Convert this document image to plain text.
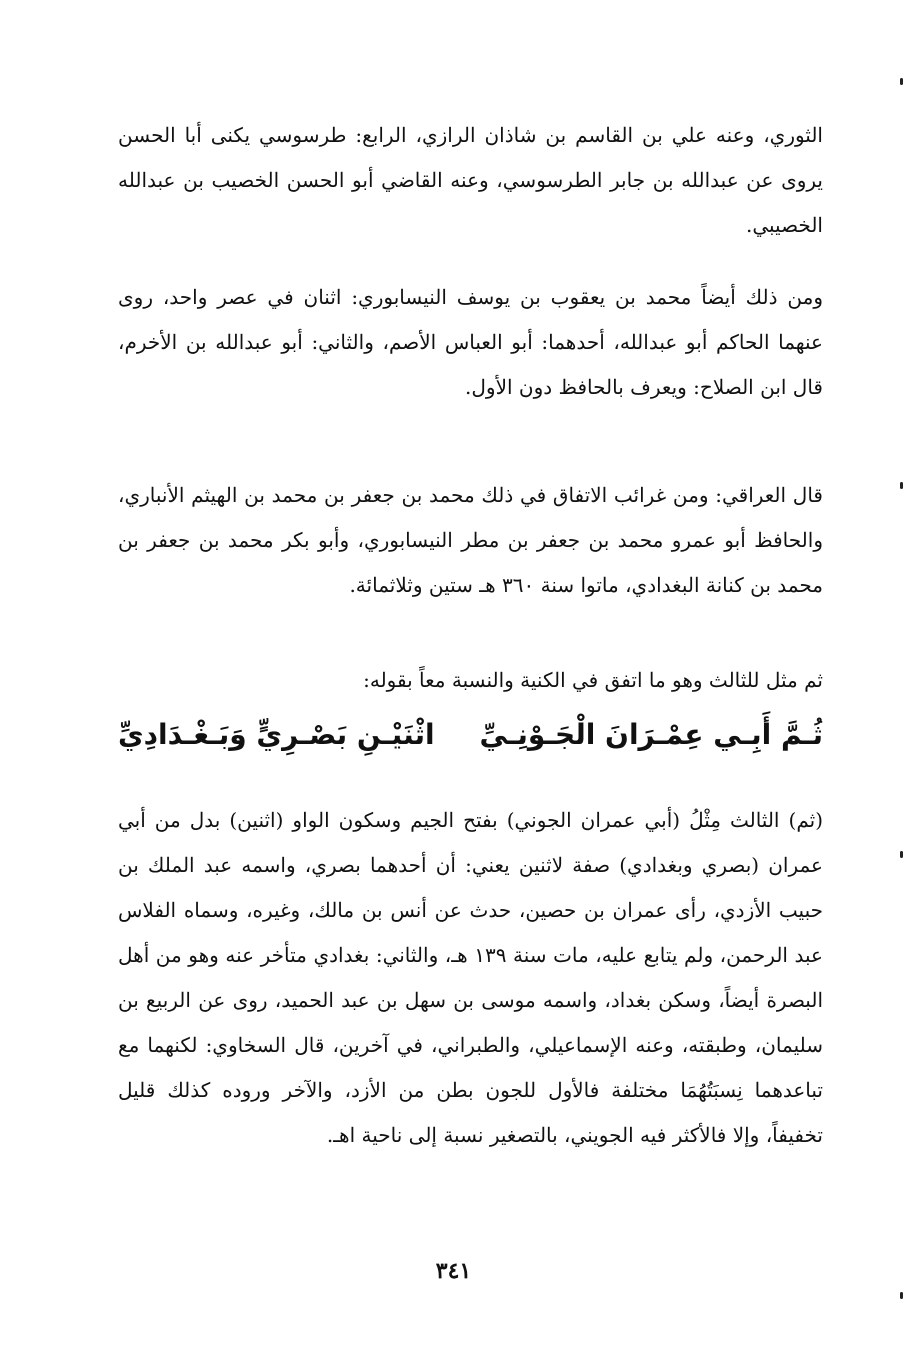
الثوري، وعنه علي بن القاسم بن شاذان الرازي، الرابع: طرسوسي يكنى أبا الحسن يروى عن عبدالله بن جابر الطرسوسي، وعنه القاضي أبو الحسن الخصيب بن عبدالله الخصيبي.

ومن ذلك أيضاً محمد بن يعقوب بن يوسف النيسابوري: اثنان في عصر واحد، روى عنهما الحاكم أبو عبدالله، أحدهما: أبو العباس الأصم، والثاني: أبو عبدالله بن الأخرم، قال ابن الصلاح: ويعرف بالحافظ دون الأول.

قال العراقي: ومن غرائب الاتفاق في ذلك محمد بن جعفر بن محمد بن الهيثم الأنباري، والحافظ أبو عمرو محمد بن جعفر بن مطر النيسابوري، وأبو بكر محمد بن جعفر بن محمد بن كنانة البغدادي، ماتوا سنة ٣٦٠ هـ ستين وثلاثمائة.

ثم مثل للثالث وهو ما اتفق في الكنية والنسبة معاً بقوله:

ثُـمَّ أَبِـي عِمْـرَانَ الْجَـوْنِـيِّ
اثْنَيْـنِ بَصْـرِيٍّ وَبَـغْـدَادِيِّ

(ثم) الثالث مِثْلُ (أبي عمران الجوني) بفتح الجيم وسكون الواو (اثنين) بدل من أبي عمران (بصري وبغدادي) صفة لاثنين يعني: أن أحدهما بصري، واسمه عبد الملك بن حبيب الأزدي، رأى عمران بن حصين، حدث عن أنس بن مالك، وغيره، وسماه الفلاس عبد الرحمن، ولم يتابع عليه، مات سنة ١٣٩ هـ، والثاني: بغدادي متأخر عنه وهو من أهل البصرة أيضاً، وسكن بغداد، واسمه موسى بن سهل بن عبد الحميد، روى عن الربيع بن سليمان، وطبقته، وعنه الإسماعيلي، والطبراني، في آخرين، قال السخاوي: لكنهما مع تباعدهما نِسبَتُهُمَا مختلفة فالأول للجون بطن من الأزد، والآخر وروده كذلك قليل تخفيفاً، وإلا فالأكثر فيه الجويني، بالتصغير نسبة إلى ناحية اهـ.

٣٤١
